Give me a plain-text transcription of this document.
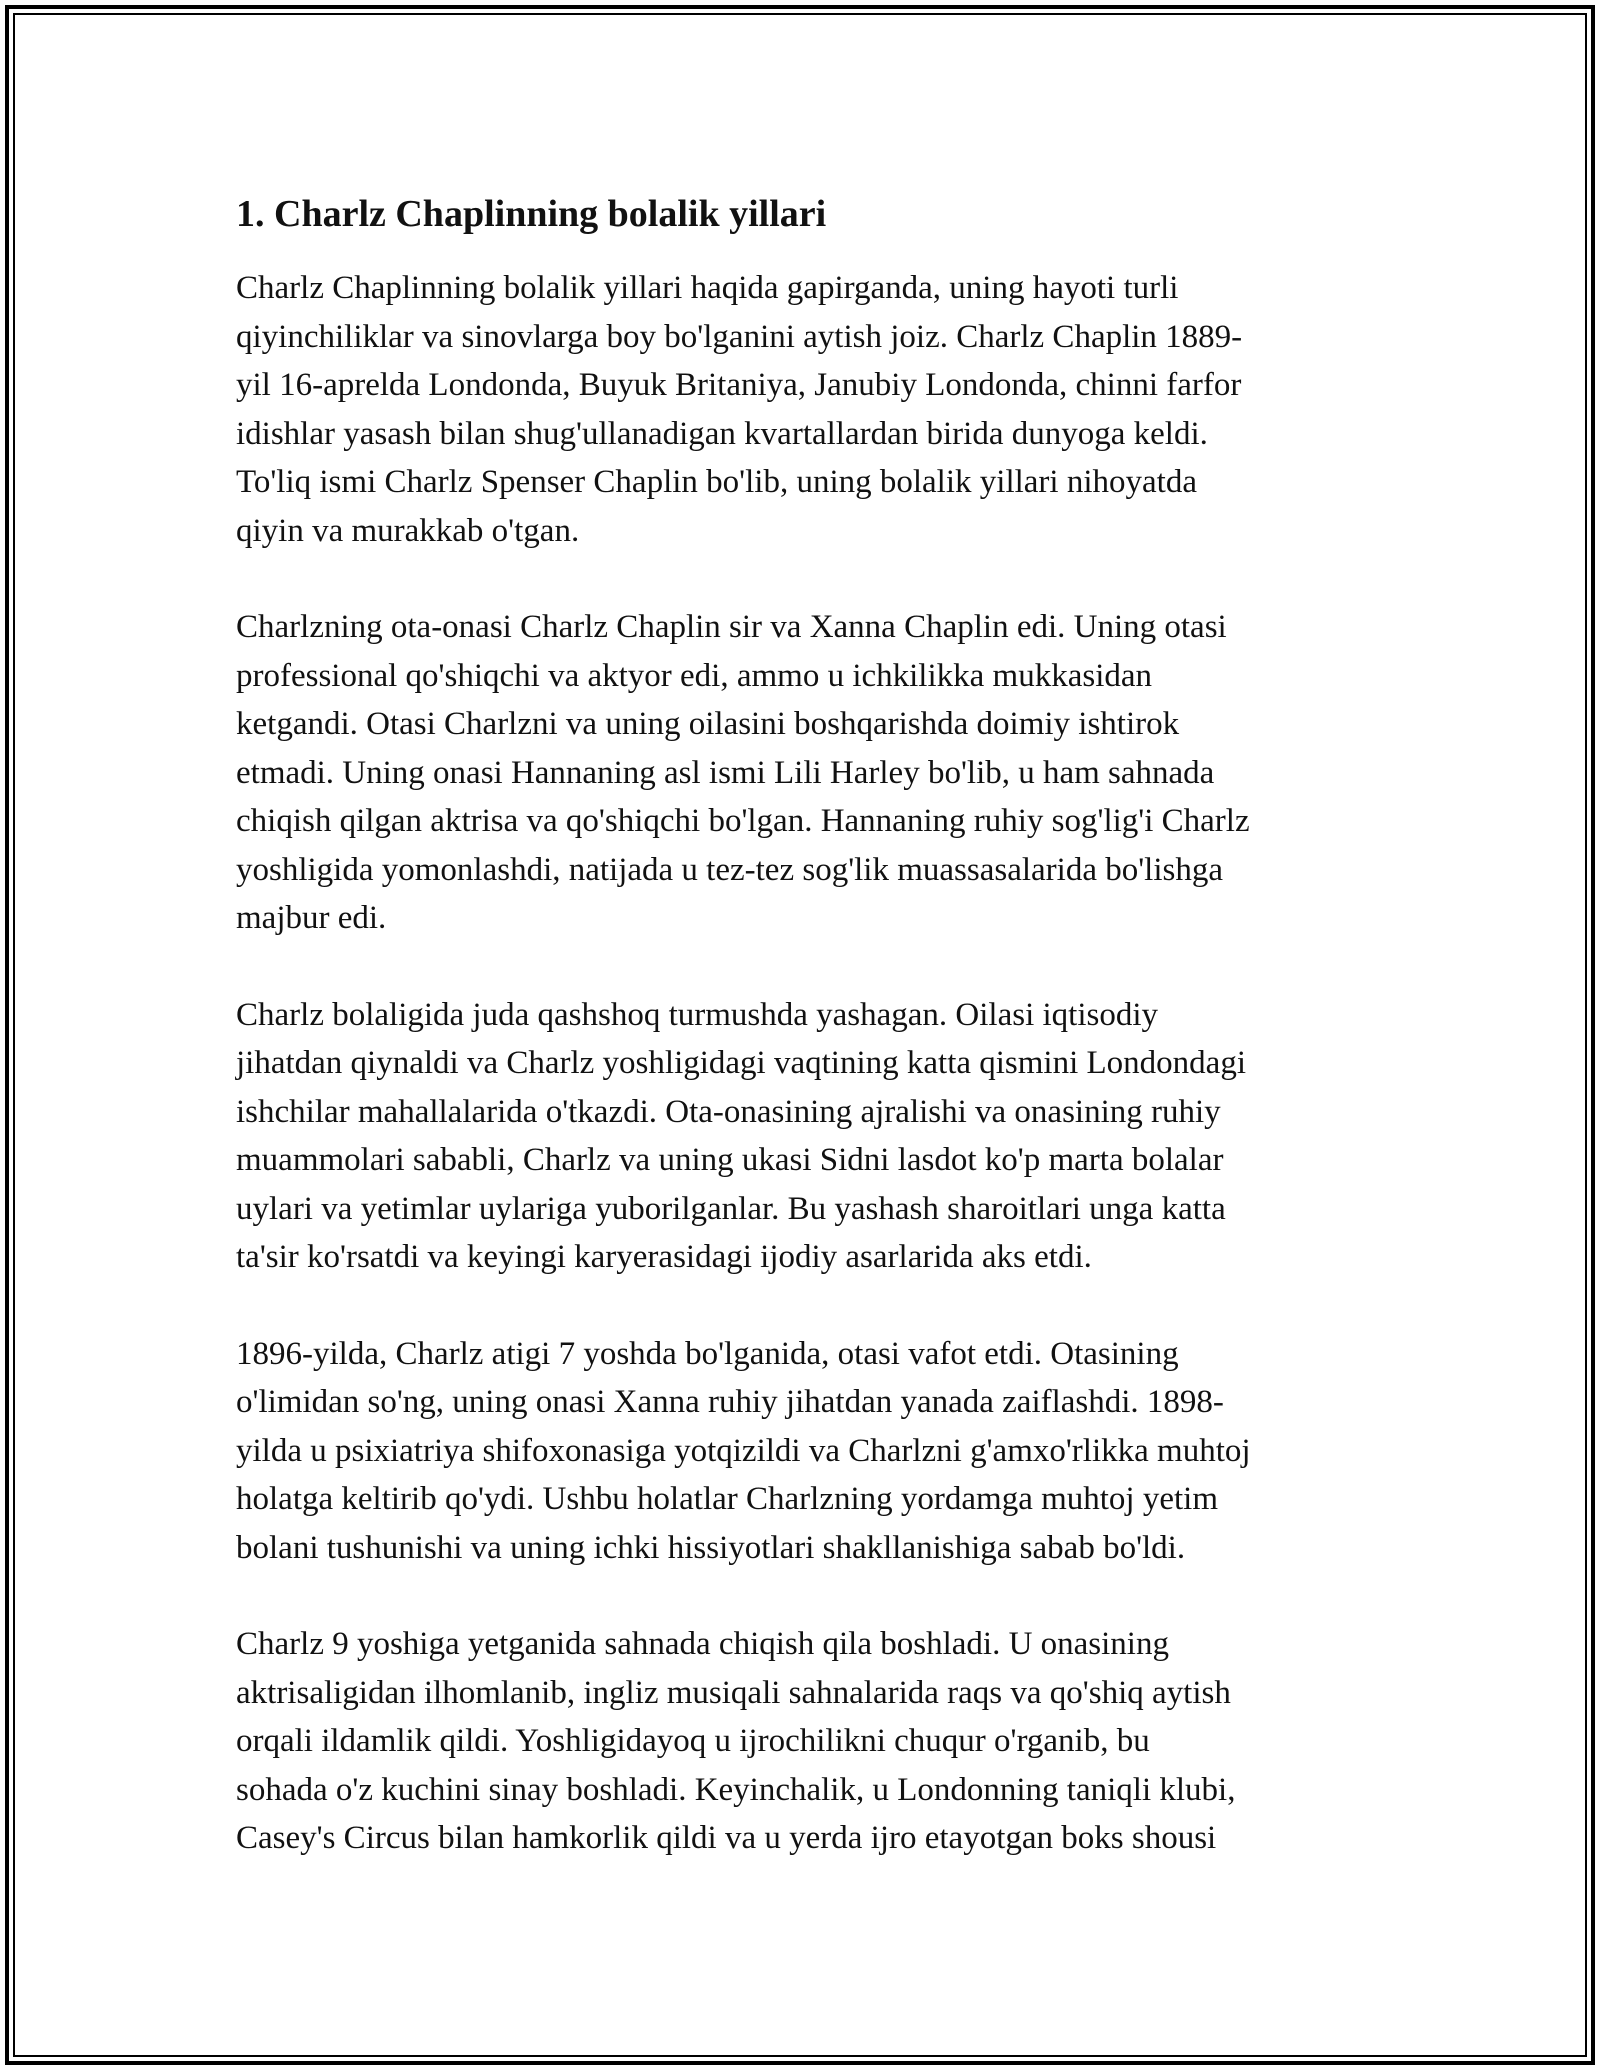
1. Charlz Chaplinning bolalik yillari

Charlz Chaplinning bolalik yillari haqida gapirganda, uning hayoti turli
qiyinchiliklar va sinovlarga boy bo'lganini aytish joiz. Charlz Chaplin 1889-
yil 16-aprelda Londonda, Buyuk Britaniya, Janubiy Londonda, chinni farfor
idishlar yasash bilan shug'ullanadigan kvartallardan birida dunyoga keldi.
To'liq ismi Charlz Spenser Chaplin bo'lib, uning bolalik yillari nihoyatda
qiyin va murakkab o'tgan.

Charlzning ota-onasi Charlz Chaplin sir va Xanna Chaplin edi. Uning otasi
professional qo'shiqchi va aktyor edi, ammo u ichkilikka mukkasidan
ketgandi. Otasi Charlzni va uning oilasini boshqarishda doimiy ishtirok
etmadi. Uning onasi Hannaning asl ismi Lili Harley bo'lib, u ham sahnada
chiqish qilgan aktrisa va qo'shiqchi bo'lgan. Hannaning ruhiy sog'lig'i Charlz
yoshligida yomonlashdi, natijada u tez-tez sog'lik muassasalarida bo'lishga
majbur edi.

Charlz bolaligida juda qashshoq turmushda yashagan. Oilasi iqtisodiy
jihatdan qiynaldi va Charlz yoshligidagi vaqtining katta qismini Londondagi
ishchilar mahallalarida o'tkazdi. Ota-onasining ajralishi va onasining ruhiy
muammolari sababli, Charlz va uning ukasi Sidni lasdot ko'p marta bolalar
uylari va yetimlar uylariga yuborilganlar. Bu yashash sharoitlari unga katta
ta'sir ko'rsatdi va keyingi karyerasidagi ijodiy asarlarida aks etdi.

1896-yilda, Charlz atigi 7 yoshda bo'lganida, otasi vafot etdi. Otasining
o'limidan so'ng, uning onasi Xanna ruhiy jihatdan yanada zaiflashdi. 1898-
yilda u psixiatriya shifoxonasiga yotqizildi va Charlzni g'amxo'rlikka muhtoj
holatga keltirib qo'ydi. Ushbu holatlar Charlzning yordamga muhtoj yetim
bolani tushunishi va uning ichki hissiyotlari shakllanishiga sabab bo'ldi.

Charlz 9 yoshiga yetganida sahnada chiqish qila boshladi. U onasining
aktrisaligidan ilhomlanib, ingliz musiqali sahnalarida raqs va qo'shiq aytish
orqali ildamlik qildi. Yoshligidayoq u ijrochilikni chuqur o'rganib, bu
sohada o'z kuchini sinay boshladi. Keyinchalik, u Londonning taniqli klubi,
Casey's Circus bilan hamkorlik qildi va u yerda ijro etayotgan boks shousi
